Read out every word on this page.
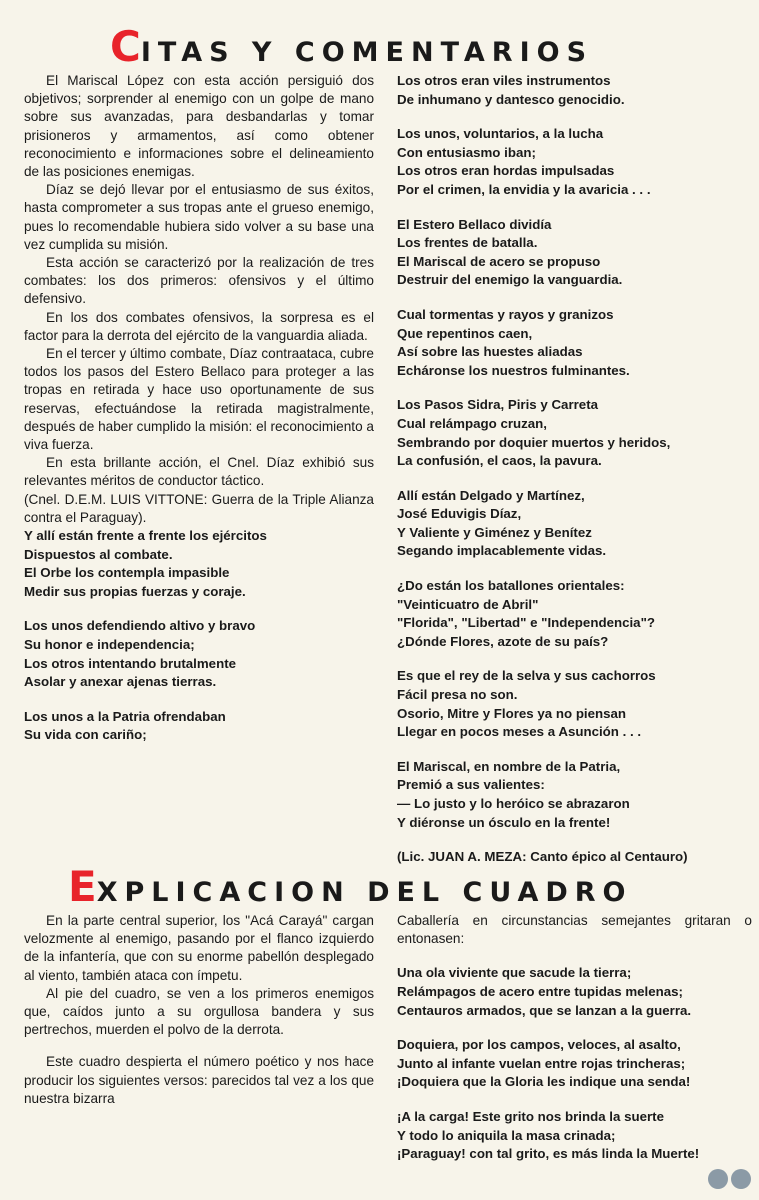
CITAS Y COMENTARIOS

El Mariscal López con esta acción persiguió dos objetivos; sorprender al enemigo con un golpe de mano sobre sus avanzadas, para desbandarlas y tomar prisioneros y armamentos, así como obtener reconocimiento e informaciones sobre el delineamiento de las posiciones enemigas.

Díaz se dejó llevar por el entusiasmo de sus éxitos, hasta comprometer a sus tropas ante el grueso enemigo, pues lo recomendable hubiera sido volver a su base una vez cumplida su misión.

Esta acción se caracterizó por la realización de tres combates: los dos primeros: ofensivos y el último defensivo.

En los dos combates ofensivos, la sorpresa es el factor para la derrota del ejército de la vanguardia aliada.

En el tercer y último combate, Díaz contraataca, cubre todos los pasos del Estero Bellaco para proteger a las tropas en retirada y hace uso oportunamente de sus reservas, efectuándose la retirada magistralmente, después de haber cumplido la misión: el reconocimiento a viva fuerza.

En esta brillante acción, el Cnel. Díaz exhibió sus relevantes méritos de conductor táctico.

(Cnel. D.E.M. LUIS VITTONE: Guerra de la Triple Alianza contra el Paraguay).

Y allí están frente a frente los ejércitos
Dispuestos al combate.
El Orbe los contempla impasible
Medir sus propias fuerzas y coraje.
Los unos defendiendo altivo y bravo
Su honor e independencia;
Los otros intentando brutalmente
Asolar y anexar ajenas tierras.
Los unos a la Patria ofrendaban
Su vida con cariño;
Los otros eran viles instrumentos
De inhumano y dantesco genocidio.
Los unos, voluntarios, a la lucha
Con entusiasmo iban;
Los otros eran hordas impulsadas
Por el crimen, la envidia y la avaricia . . .
El Estero Bellaco dividía
Los frentes de batalla.
El Mariscal de acero se propuso
Destruir del enemigo la vanguardia.
Cual tormentas y rayos y granizos
Que repentinos caen,
Así sobre las huestes aliadas
Echáronse los nuestros fulminantes.
Los Pasos Sidra, Piris y Carreta
Cual relámpago cruzan,
Sembrando por doquier muertos y heridos,
La confusión, el caos, la pavura.
Allí están Delgado y Martínez,
José Eduvigis Díaz,
Y Valiente y Giménez y Benítez
Segando implacablemente vidas.
¿Do están los batallones orientales:
"Veinticuatro de Abril"
"Florida", "Libertad" e "Independencia"?
¿Dónde Flores, azote de su país?
Es que el rey de la selva y sus cachorros
Fácil presa no son.
Osorio, Mitre y Flores ya no piensan
Llegar en pocos meses a Asunción . . .
El Mariscal, en nombre de la Patria,
Premió a sus valientes:
— Lo justo y lo heróico se abrazaron
Y diéronse un ósculo en la frente!

(Lic. JUAN A. MEZA: Canto épico al Centauro)

EXPLICACION DEL CUADRO

En la parte central superior, los "Acá Carayá" cargan velozmente al enemigo, pasando por el flanco izquierdo de la infantería, que con su enorme pabellón desplegado al viento, también ataca con ímpetu.

Al pie del cuadro, se ven a los primeros enemigos que, caídos junto a su orgullosa bandera y sus pertrechos, muerden el polvo de la derrota.

Este cuadro despierta el número poético y nos hace producir los siguientes versos: parecidos tal vez a los que nuestra bizarra

Caballería en circunstancias semejantes gritaran o entonasen:

Una ola viviente que sacude la tierra;
Relámpagos de acero entre tupidas melenas;
Centauros armados, que se lanzan a la guerra.
Doquiera, por los campos, veloces, al asalto,
Junto al infante vuelan entre rojas trincheras;
¡Doquiera que la Gloria les indique una senda!
¡A la carga! Este grito nos brinda la suerte
Y todo lo aniquila la masa crinada;
¡Paraguay! con tal grito, es más linda la Muerte!
